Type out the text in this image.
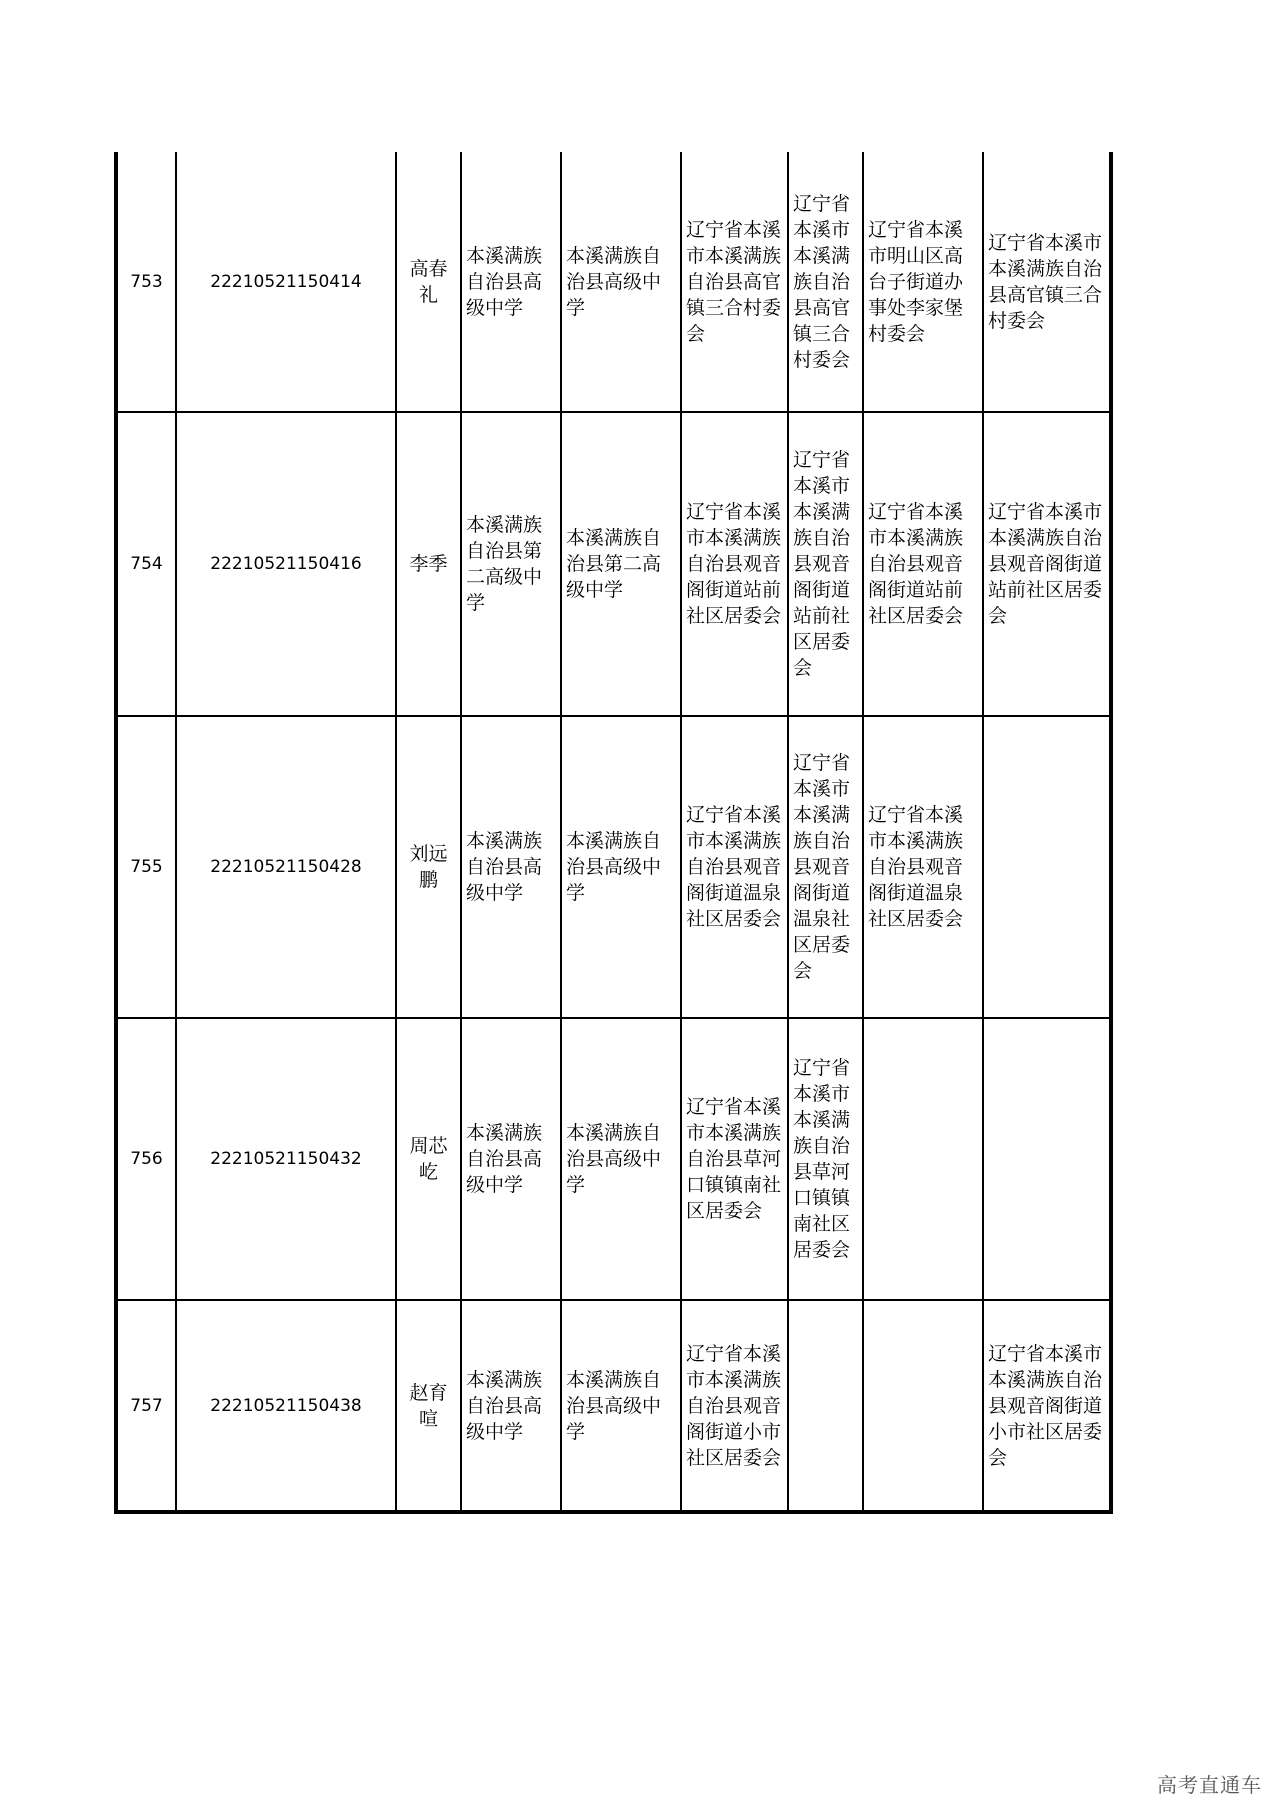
753	22210521150414	高春礼	本溪满族自治县高级中学	本溪满族自治县高级中学	辽宁省本溪市本溪满族自治县高官镇三合村委会	辽宁省本溪市本溪满族自治县高官镇三合村委会	辽宁省本溪市明山区高台子街道办事处李家堡村委会	辽宁省本溪市本溪满族自治县高官镇三合村委会
754	22210521150416	李季	本溪满族自治县第二高级中学	本溪满族自治县第二高级中学	辽宁省本溪市本溪满族自治县观音阁街道站前社区居委会	辽宁省本溪市本溪满族自治县观音阁街道站前社区居委会	辽宁省本溪市本溪满族自治县观音阁街道站前社区居委会	辽宁省本溪市本溪满族自治县观音阁街道站前社区居委会
755	22210521150428	刘远鹏	本溪满族自治县高级中学	本溪满族自治县高级中学	辽宁省本溪市本溪满族自治县观音阁街道温泉社区居委会	辽宁省本溪市本溪满族自治县观音阁街道温泉社区居委会	辽宁省本溪市本溪满族自治县观音阁街道温泉社区居委会	
756	22210521150432	周芯屹	本溪满族自治县高级中学	本溪满族自治县高级中学	辽宁省本溪市本溪满族自治县草河口镇镇南社区居委会	辽宁省本溪市本溪满族自治县草河口镇镇南社区居委会		
757	22210521150438	赵育喧	本溪满族自治县高级中学	本溪满族自治县高级中学	辽宁省本溪市本溪满族自治县观音阁街道小市社区居委会			辽宁省本溪市本溪满族自治县观音阁街道小市社区居委会
高考直通车
